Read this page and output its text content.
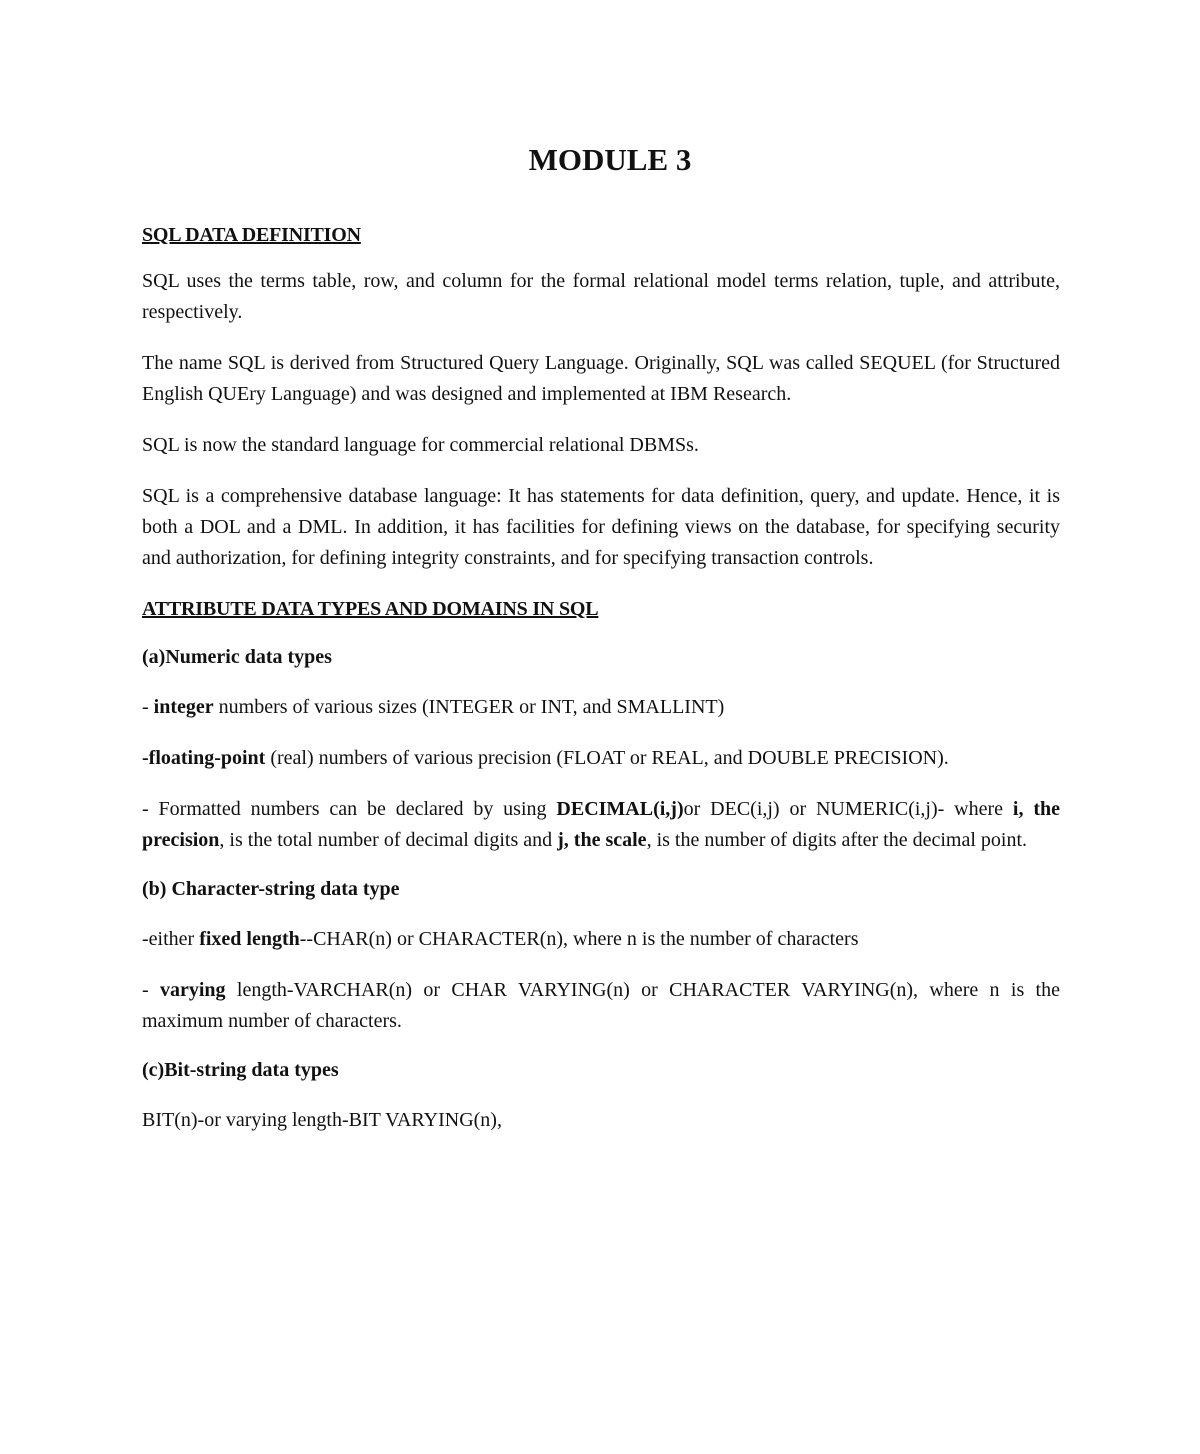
MODULE 3
SQL DATA DEFINITION

SQL uses the terms table, row, and column for the formal relational model terms relation, tuple, and attribute, respectively.

The name SQL is derived from Structured Query Language. Originally, SQL was called SEQUEL (for Structured English QUEry Language) and was designed and implemented at IBM Research.

SQL is now the standard language for commercial relational DBMSs.

SQL is a comprehensive database language: It has statements for data definition, query, and update. Hence, it is both a DOL and a DML. In addition, it has facilities for defining views on the database, for specifying security and authorization, for defining integrity constraints, and for specifying transaction controls.

ATTRIBUTE DATA TYPES AND DOMAINS IN SQL
(a)Numeric data types

- integer numbers of various sizes (INTEGER or INT, and SMALLINT)

-floating-point (real) numbers of various precision (FLOAT or REAL, and DOUBLE PRECISION).

- Formatted numbers can be declared by using DECIMAL(i,j)or DEC(i,j) or NUMERIC(i,j)- where i, the precision, is the total number of decimal digits and j, the scale, is the number of digits after the decimal point.

(b) Character-string data type

-either fixed length--CHAR(n) or CHARACTER(n), where n is the number of characters

- varying length-VARCHAR(n) or CHAR VARYING(n) or CHARACTER VARYING(n), where n is the maximum number of characters.

(c)Bit-string data types

BIT(n)-or varying length-BIT VARYING(n),
